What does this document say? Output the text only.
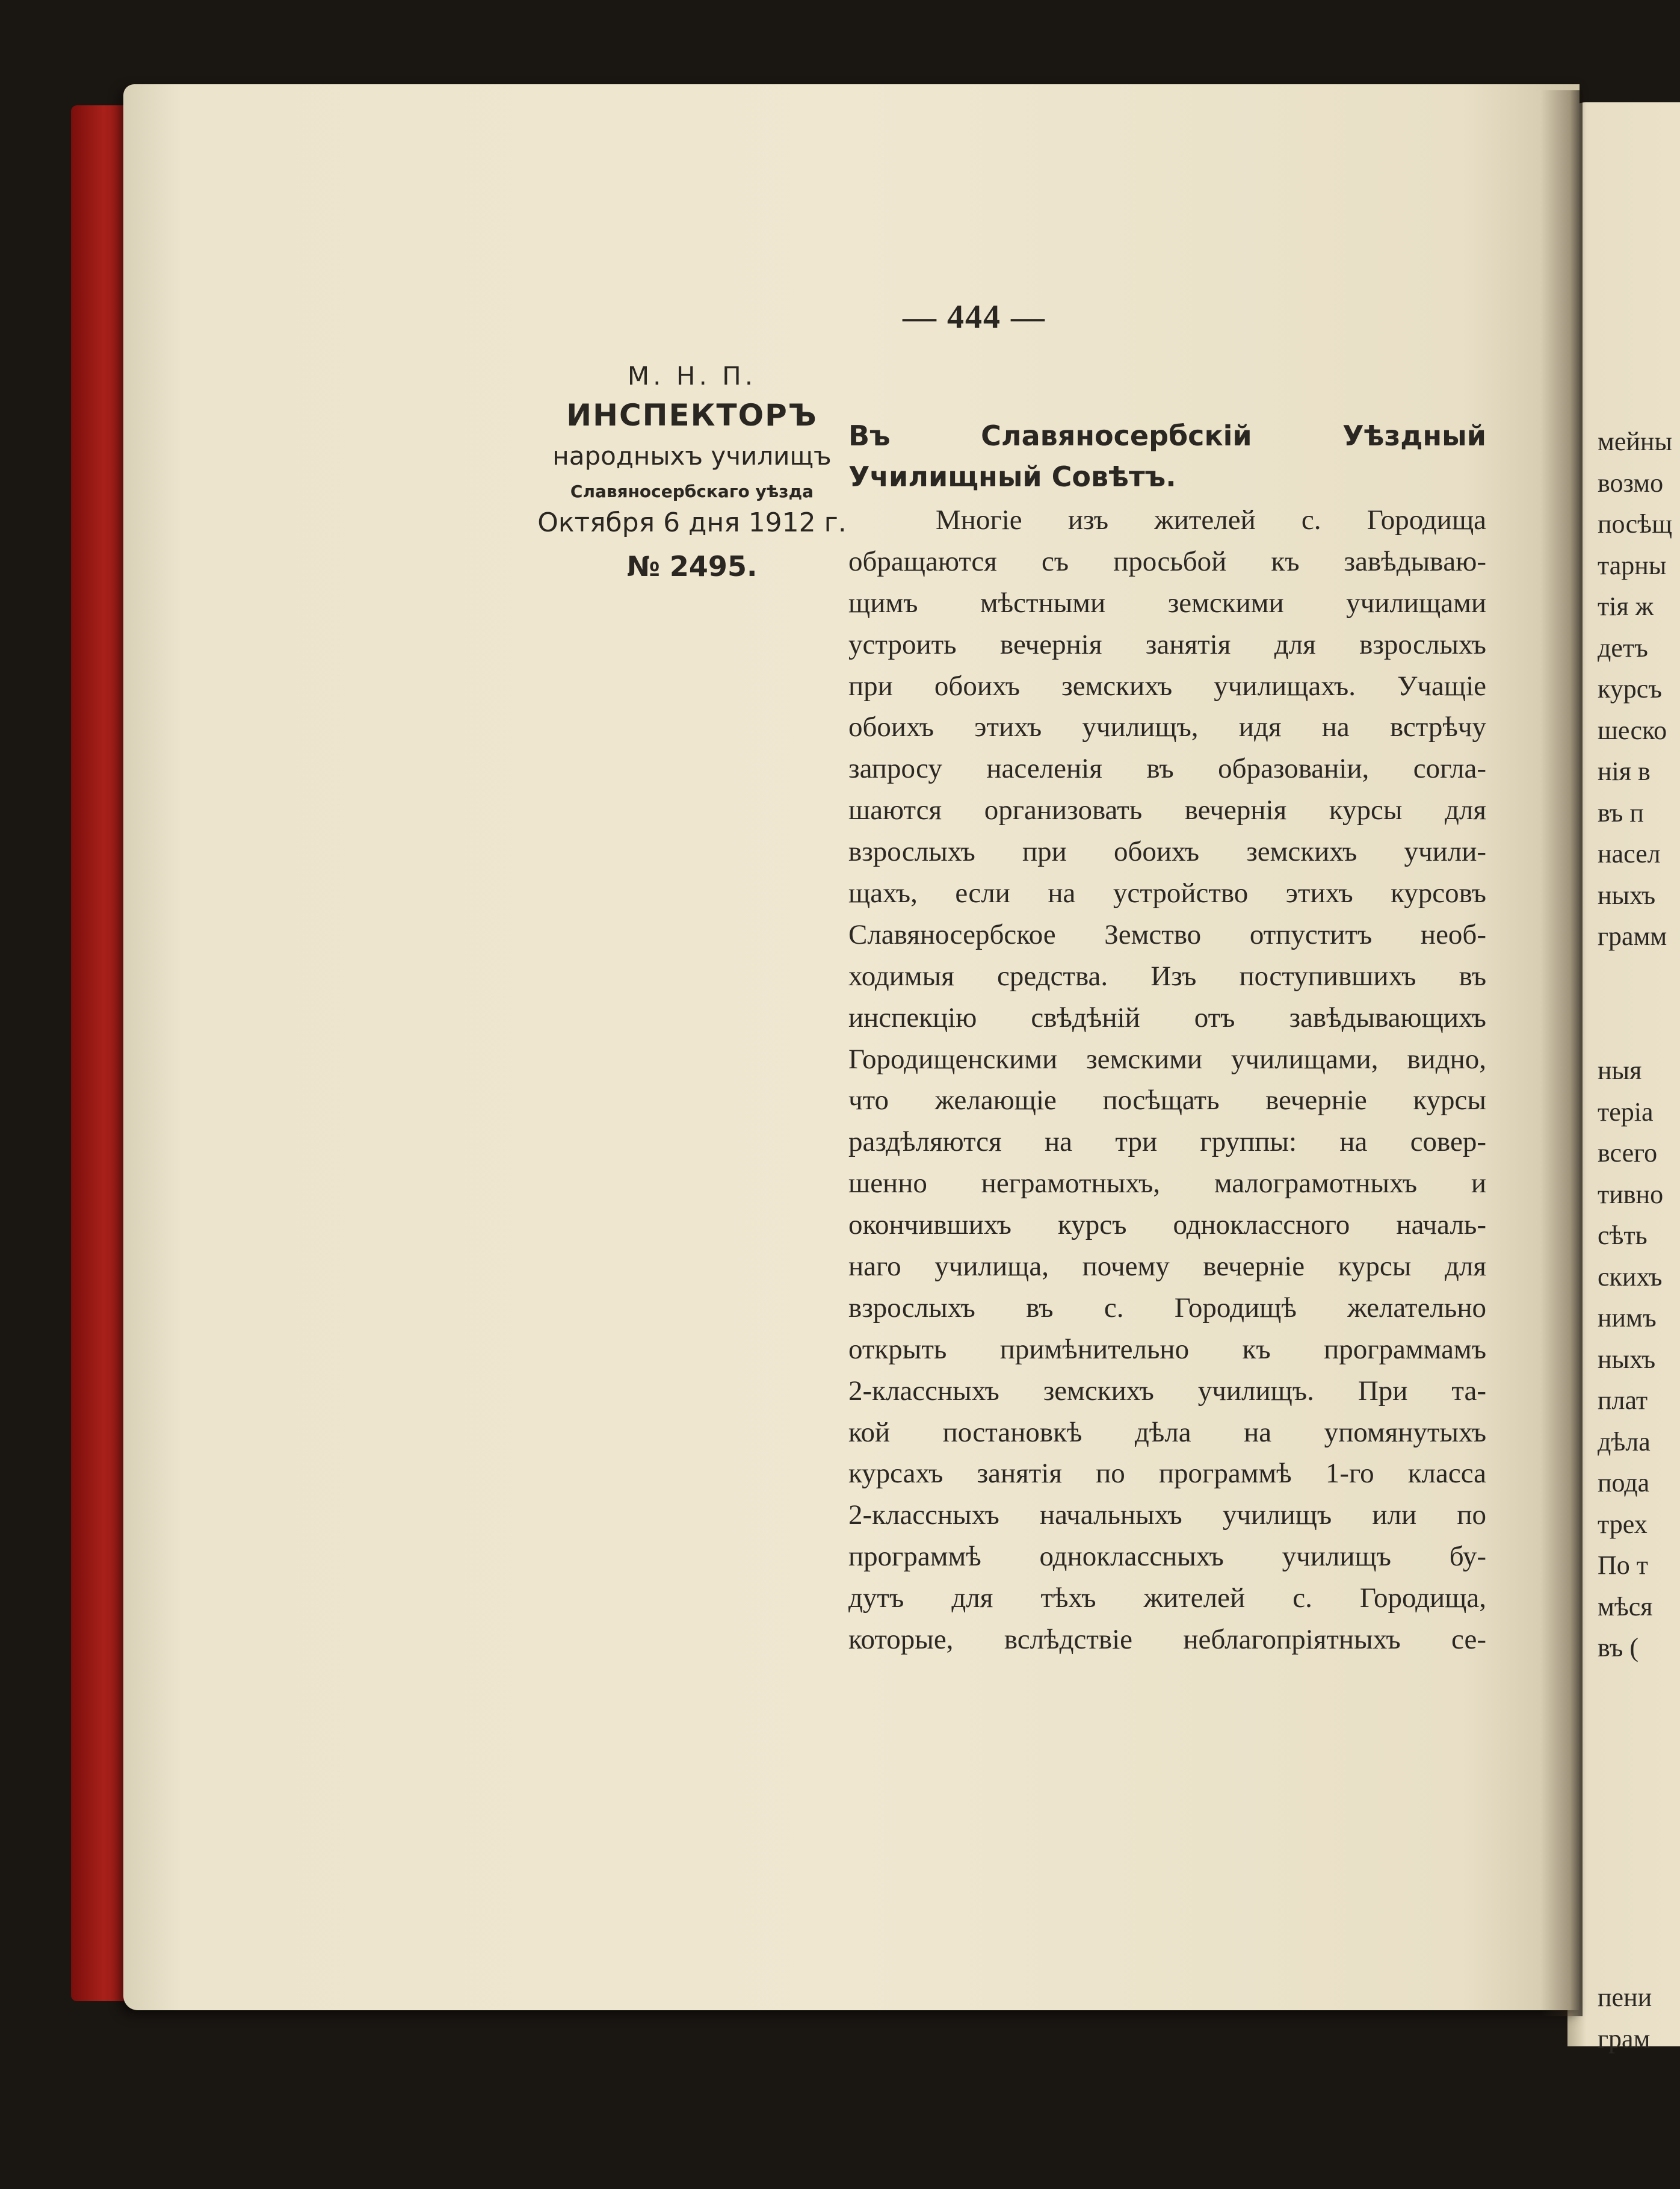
— 444 —
М. Н. П.
ИНСПЕКТОРЪ
народныхъ училищъ
Славяносербскаго уѣзда
Октября 6 дня 1912 г.
№ 2495.
Въ	Славяносербскій	Уѣздный
Училищный Совѣтъ.
Многіе изъ жителей с. Городища
обращаются съ просьбой къ завѣдывaю-
щимъ мѣстными земскими училищами
устроить вечернія занятія для взрослыхъ
при обоихъ земскихъ училищахъ. Учащіе
обоихъ этихъ училищъ, идя на встрѣчу
запросу населенія въ образованіи, согла-
шаются организовать вечернія курсы для
взрослыхъ при обоихъ земскихъ учили-
щахъ, если на устройство этихъ курсовъ
Славяносербское Земство отпуститъ необ-
ходимыя средства. Изъ поступившихъ въ
инспекцію свѣдѣній отъ завѣдывающихъ
Городищенскими земскими училищами, видно,
что желающіе посѣщать вечерніе курсы
раздѣляются на три группы: на совер-
шенно неграмотныхъ, малограмотныхъ и
окончившихъ курсъ одноклассного началь-
наго училища, почему вечерніе курсы для
взрослыхъ въ с. Городищѣ желательно
открыть примѣнительно къ программамъ
2-классныхъ земскихъ училищъ. При та-
кой постановкѣ дѣла на упомянутыхъ
курсахъ занятія по программѣ 1-го класса
2-классныхъ начальныхъ училищъ или по
программѣ одноклассныхъ училищъ бу-
дутъ для тѣхъ жителей с. Городища,
которые, вслѣдствіе неблагопріятныхъ се-
мейны
возмо
посѣщ
тарны
тія ж
детъ
курсъ
шеско
нія в
въ п
насел
ныхъ
грамм
ныя
теріа
всего
тивно
сѣть
скихъ
нимъ
ныхъ
плат
дѣла
пода
трех
По т
мѣся
въ (
пени
грам
